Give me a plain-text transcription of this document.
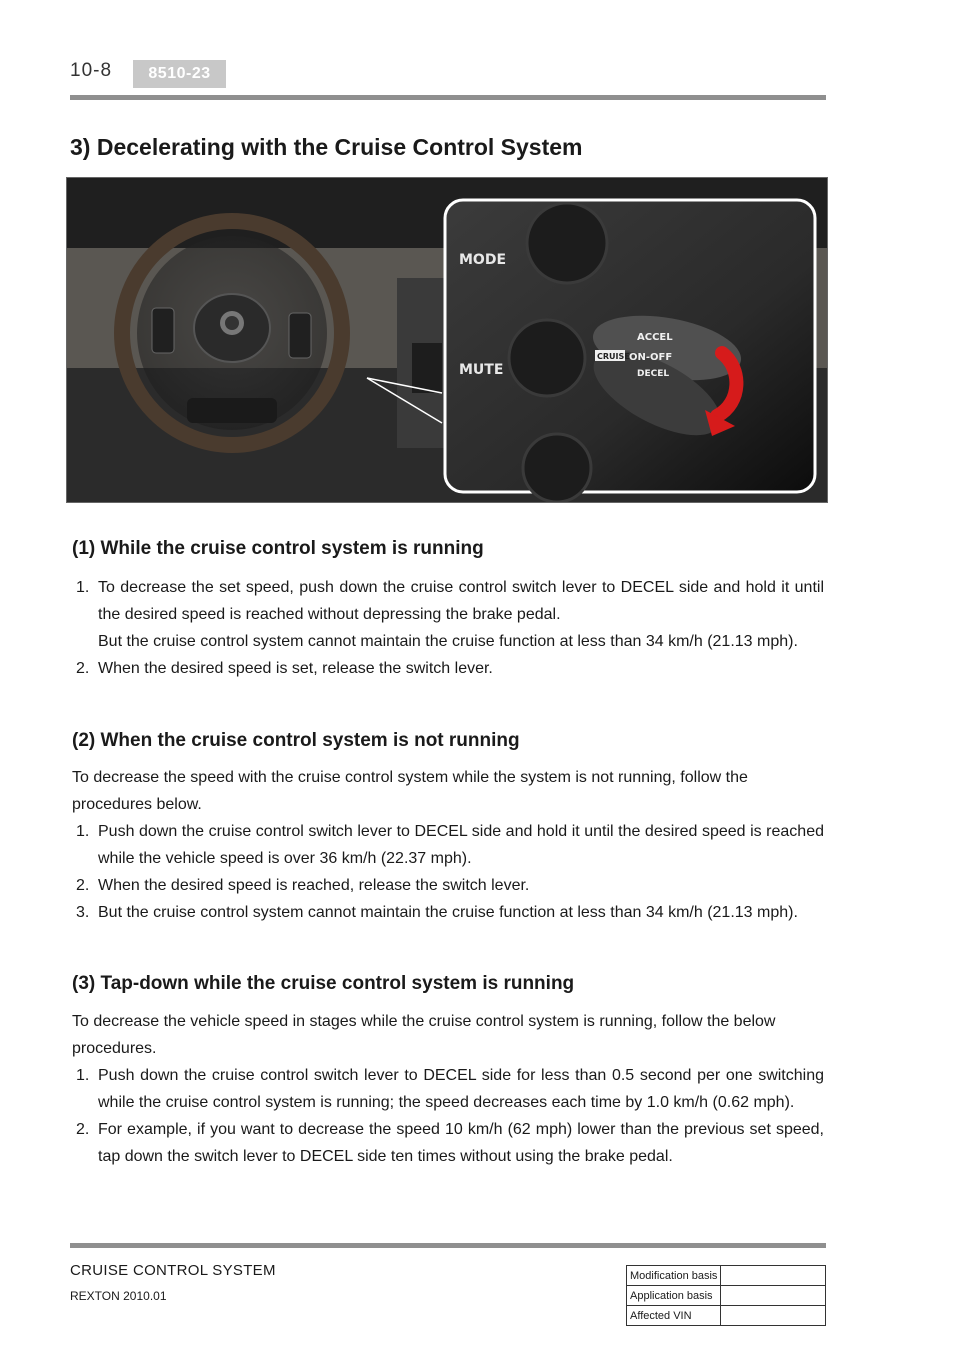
10-8	8510-23
3) Decelerating with the Cruise Control System
MODE
MUTE
ACCEL
CRUISE ON-OFF
DECEL
(1) While the cruise control system is running
1. To decrease the set speed, push down the cruise control switch lever to DECEL side and hold it until the desired speed is reached without depressing the brake pedal.
But the cruise control system cannot maintain the cruise function at less than 34 km/h (21.13 mph).
2. When the desired speed is set, release the switch lever.
(2) When the cruise control system is not running

To decrease the speed with the cruise control system while the system is not running, follow the procedures below.

1. Push down the cruise control switch lever to DECEL side and hold it until the desired speed is reached while the vehicle speed is over 36 km/h (22.37 mph).
2. When the desired speed is reached, release the switch lever.
3. But the cruise control system cannot maintain the cruise function at less than 34 km/h (21.13 mph).
(3) Tap-down while the cruise control system is running

To decrease the vehicle speed in stages while the cruise control system is running, follow the below procedures.

1. Push down the cruise control switch lever to DECEL side for less than 0.5 second per one switching while the cruise control system is running; the speed decreases each time by 1.0 km/h (0.62 mph).
2. For example, if you want to decrease the speed 10 km/h (62 mph) lower than the previous set speed, tap down the switch lever to DECEL side ten times without using the brake pedal.
CRUISE CONTROL SYSTEM
REXTON 2010.01
Modification basis	
Application basis	
Affected VIN	
